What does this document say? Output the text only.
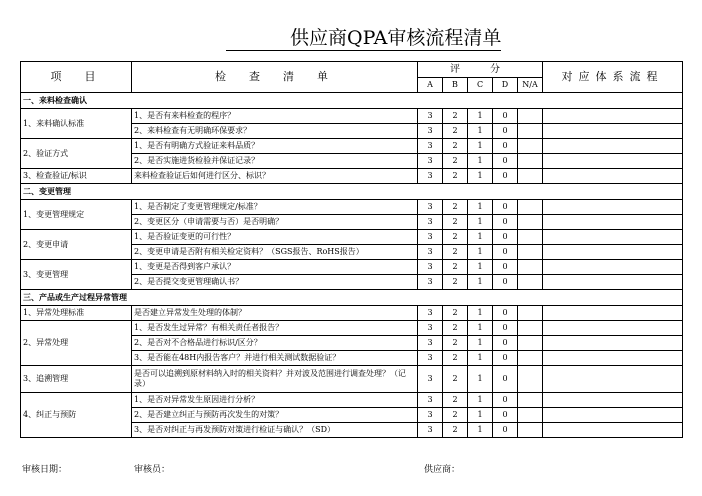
供应商QPA审核流程清单
项　目	检　查　清　单	评　分					对应体系流程
		A	B	C	D	N/A	
一、来料检查确认							
1、来料确认标准	1、是否有来料检查的程序？	3	2	1	0		
	2、来料检查有无明确环保要求？	3	2	1	0		
2、验证方式	1、是否有明确方式验证来料品质？	3	2	1	0		
	2、是否实施进货检验并保证记录？	3	2	1	0		
3、检查验证/标识	来料检查验证后如何进行区分、标识？	3	2	1	0		
二、变更管理							
1、变更管理规定	1、是否制定了变更管理规定/标准？	3	2	1	0		
	2、变更区分（申请需要与否）是否明确？	3	2	1	0		
2、变更申请	1、是否验证变更的可行性？	3	2	1	0		
	2、变更申请是否附有相关检定资料？（SGS报告、RoHS报告）	3	2	1	0		
3、变更管理	1、变更是否得到客户承认？	3	2	1	0		
	2、是否提交变更管理确认书？	3	2	1	0		
三、产品或生产过程异常管理							
1、异常处理标准	是否建立异常发生处理的体制？	3	2	1	0		
2、异常处理	1、是否发生过异常？有相关责任者报告？	3	2	1	0		
	2、是否对不合格品进行标识/区分？	3	2	1	0		
	3、是否能在48H内报告客户？并进行相关测试数据验证？	3	2	1	0		
3、追溯管理	是否可以追溯到原材料纳入时的相关资料？并对波及范围进行调查处理？（记录）	3	2	1	0		
4、纠正与预防	1、是否对异常发生原因进行分析？	3	2	1	0		
	2、是否建立纠正与预防再次发生的对策？	3	2	1	0		
	3、是否对纠正与再发预防对策进行检证与确认？（SD）	3	2	1	0		
审核日期：	审核员：	供应商：
